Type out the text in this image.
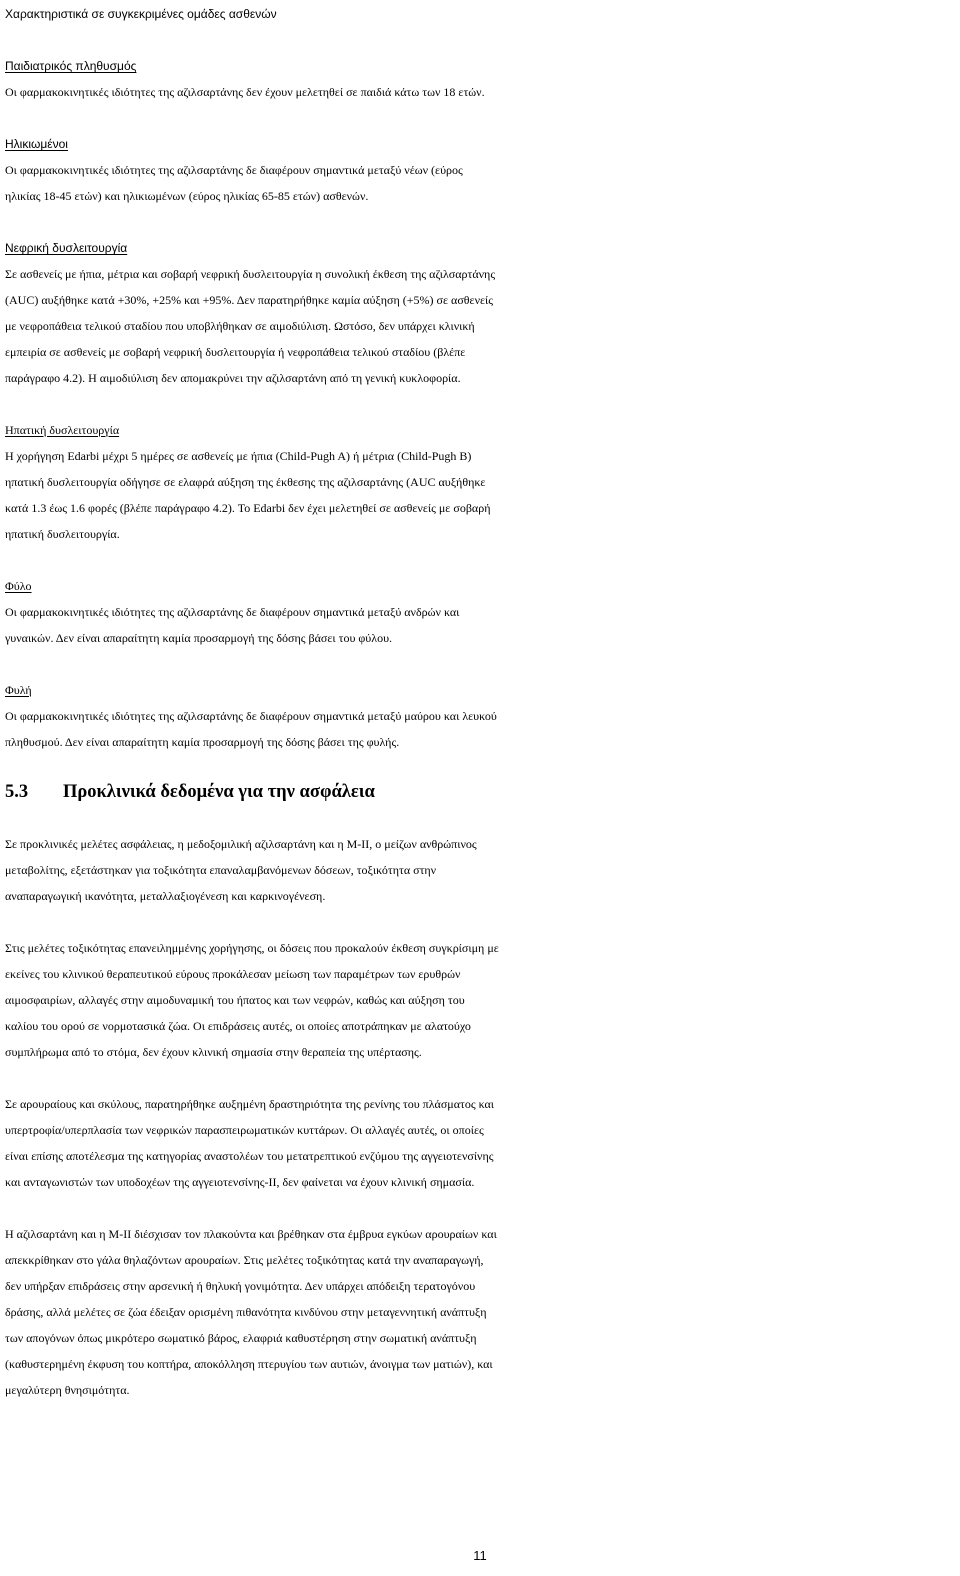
Χαρακτηριστικά σε συγκεκριμένες ομάδες ασθενών
Παιδιατρικός πληθυσμός
Οι φαρμακοκινητικές ιδιότητες της αζιλσαρτάνης δεν έχουν μελετηθεί σε παιδιά κάτω των 18 ετών.
Ηλικιωμένοι
Οι φαρμακοκινητικές ιδιότητες της αζιλσαρτάνης δε διαφέρουν σημαντικά μεταξύ νέων (εύρος
ηλικίας 18-45 ετών) και ηλικιωμένων (εύρος ηλικίας 65-85 ετών) ασθενών.
Νεφρική δυσλειτουργία
Σε ασθενείς με ήπια, μέτρια και σοβαρή νεφρική δυσλειτουργία η συνολική έκθεση της αζιλσαρτάνης
(AUC) αυξήθηκε κατά +30%, +25% και +95%. Δεν παρατηρήθηκε καμία αύξηση (+5%) σε ασθενείς
με νεφροπάθεια τελικού σταδίου που υποβλήθηκαν σε αιμοδιύλιση. Ωστόσο, δεν υπάρχει κλινική
εμπειρία σε ασθενείς με σοβαρή νεφρική δυσλειτουργία ή νεφροπάθεια τελικού σταδίου (βλέπε
παράγραφο 4.2). Η αιμοδιύλιση δεν απομακρύνει την αζιλσαρτάνη από τη γενική κυκλοφορία.
Ηπατική δυσλειτουργία
Η χορήγηση Edarbi μέχρι 5 ημέρες σε ασθενείς με ήπια (Child-Pugh A) ή μέτρια (Child-Pugh B)
ηπατική δυσλειτουργία οδήγησε σε ελαφρά αύξηση της έκθεσης της αζιλσαρτάνης (AUC αυξήθηκε
κατά 1.3 έως 1.6 φορές (βλέπε παράγραφο 4.2). Το Edarbi δεν έχει μελετηθεί σε ασθενείς με σοβαρή
ηπατική δυσλειτουργία.
Φύλο
Οι φαρμακοκινητικές ιδιότητες της αζιλσαρτάνης δε διαφέρουν σημαντικά μεταξύ ανδρών και
γυναικών. Δεν είναι απαραίτητη καμία προσαρμογή της δόσης βάσει του φύλου.
Φυλή
Οι φαρμακοκινητικές ιδιότητες της αζιλσαρτάνης δε διαφέρουν σημαντικά μεταξύ μαύρου και λευκού
πληθυσμού. Δεν είναι απαραίτητη καμία προσαρμογή της δόσης βάσει της φυλής.
5.3 Προκλινικά δεδομένα για την ασφάλεια
Σε προκλινικές μελέτες ασφάλειας, η μεδοξομιλική αζιλσαρτάνη και η M-II, ο μείζων ανθρώπινος
μεταβολίτης, εξετάστηκαν για τοξικότητα επαναλαμβανόμενων δόσεων, τοξικότητα στην
αναπαραγωγική ικανότητα, μεταλλαξιογένεση και καρκινογένεση.
Στις μελέτες τοξικότητας επανειλημμένης χορήγησης, οι δόσεις που προκαλούν έκθεση συγκρίσιμη με
εκείνες του κλινικού θεραπευτικού εύρους προκάλεσαν μείωση των παραμέτρων των ερυθρών
αιμοσφαιρίων, αλλαγές στην αιμοδυναμική του ήπατος και των νεφρών, καθώς και αύξηση του
καλίου του ορού σε νορμοτασικά ζώα. Οι επιδράσεις αυτές, οι οποίες αποτράπηκαν με αλατούχο
συμπλήρωμα από το στόμα, δεν έχουν κλινική σημασία στην θεραπεία της υπέρτασης.
Σε αρουραίους και σκύλους, παρατηρήθηκε αυξημένη δραστηριότητα της ρενίνης του πλάσματος και
υπερτροφία/υπερπλασία των νεφρικών παρασπειρωματικών κυττάρων. Οι αλλαγές αυτές, οι οποίες
είναι επίσης αποτέλεσμα της κατηγορίας αναστολέων του μετατρεπτικού ενζύμου της αγγειοτενσίνης
και ανταγωνιστών των υποδοχέων της αγγειοτενσίνης-ΙΙ, δεν φαίνεται να έχουν κλινική σημασία.
Η αζιλσαρτάνη και η M-II διέσχισαν τον πλακούντα και βρέθηκαν στα έμβρυα εγκύων αρουραίων και
απεκκρίθηκαν στο γάλα θηλαζόντων αρουραίων. Στις μελέτες τοξικότητας κατά την αναπαραγωγή,
δεν υπήρξαν επιδράσεις στην αρσενική ή θηλυκή γονιμότητα. Δεν υπάρχει απόδειξη τερατογόνου
δράσης, αλλά μελέτες σε ζώα έδειξαν ορισμένη πιθανότητα κινδύνου στην μεταγεννητική ανάπτυξη
των απογόνων όπως μικρότερο σωματικό βάρος, ελαφριά καθυστέρηση στην σωματική ανάπτυξη
(καθυστερημένη έκφυση του κοπτήρα, αποκόλληση πτερυγίου των αυτιών, άνοιγμα των ματιών), και
μεγαλύτερη θνησιμότητα.
11
